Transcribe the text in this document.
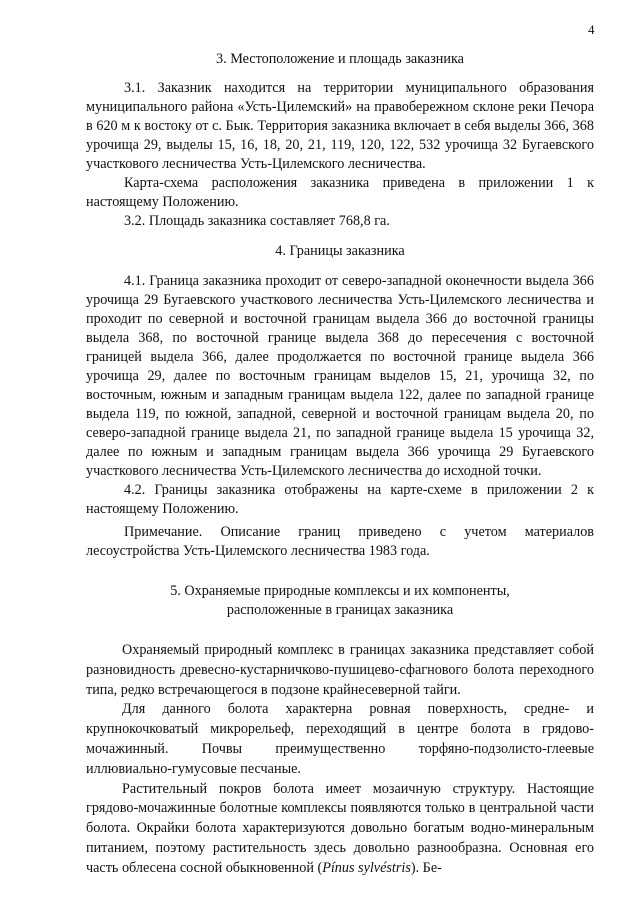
4
3. Местоположение и площадь заказника

3.1. Заказник находится на территории муниципального образования муниципального района «Усть-Цилемский» на правобережном склоне реки Печора в 620 м к востоку от с. Бык. Территория заказника включает в себя выделы 366, 368 урочища 29, выделы 15, 16, 18, 20, 21, 119, 120, 122, 532 урочища 32 Бугаевского участкового лесничества Усть-Цилемского лесничества.

Карта-схема расположения заказника приведена в приложении 1 к настоящему Положению.

3.2. Площадь заказника составляет 768,8 га.

4. Границы заказника

4.1. Граница заказника проходит от северо-западной оконечности выдела 366 урочища 29 Бугаевского участкового лесничества Усть-Цилемского лесничества и проходит по северной и восточной границам выдела 366 до восточной границы выдела 368, по восточной границе выдела 368 до пересечения с восточной границей выдела 366, далее продолжается по восточной границе выдела 366 урочища 29, далее по восточным границам выделов 15, 21, урочища 32, по восточным, южным и западным границам выдела 122, далее по западной границе выдела 119, по южной, западной, северной и восточной границам выдела 20, по северо-западной границе выдела 21, по западной границе выдела 15 урочища 32, далее по южным и западным границам выдела 366 урочища 29 Бугаевского участкового лесничества Усть-Цилемского лесничества до исходной точки.

4.2. Границы заказника отображены на карте-схеме в приложении 2 к настоящему Положению.

Примечание. Описание границ приведено с учетом материалов лесоустройства Усть-Цилемского лесничества 1983 года.

5. Охраняемые природные комплексы и их компоненты,
расположенные в границах заказника

Охраняемый природный комплекс в границах заказника представляет собой разновидность древесно-кустарничково-пушицево-сфагнового болота переходного типа, редко встречающегося в подзоне крайнесеверной тайги.

Для данного болота характерна ровная поверхность, средне- и крупнокочковатый микрорельеф, переходящий в центре болота в грядово-мочажинный. Почвы преимущественно торфяно-подзолисто-глеевые иллювиально-гумусовые песчаные.

Растительный покров болота имеет мозаичную структуру. Настоящие грядово-мочажинные болотные комплексы появляются только в центральной части болота. Окрайки болота характеризуются довольно богатым водно-минеральным питанием, поэтому растительность здесь довольно разнообразна. Основная его часть облесена сосной обыкновенной (Pínus sylvéstris). Бе-
